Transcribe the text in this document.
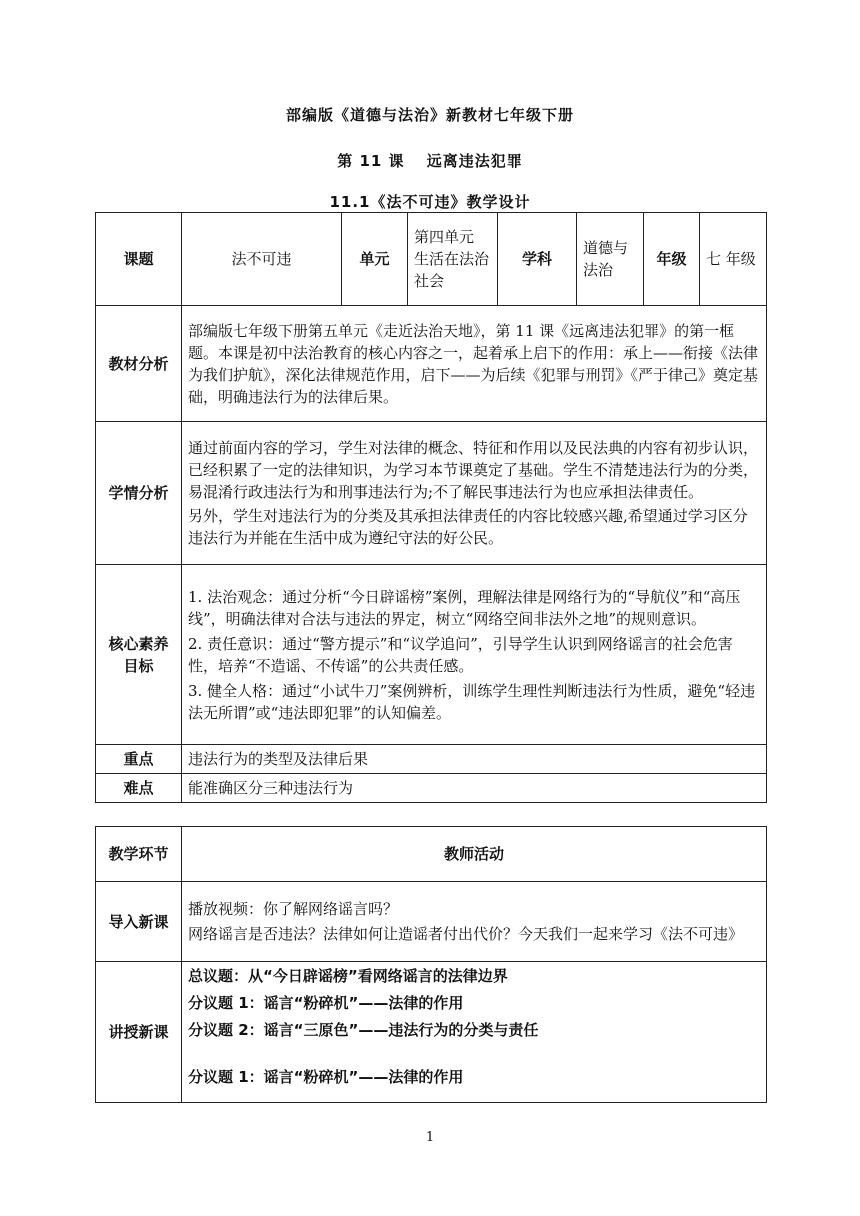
部编版《道德与法治》新教材七年级下册
第 11 课　 远离违法犯罪
11.1《法不可违》教学设计
课题	法不可违	单元	第四单元 生活在法治社会	学科	道德与法治	年级	七 年级
教材分析	部编版七年级下册第五单元《走近法治天地》，第 11 课《远离违法犯罪》的第一框题。本课是初中法治教育的核心内容之一，起着承上启下的作用：承上——衔接《法律为我们护航》，深化法律规范作用，启下——为后续《犯罪与刑罚》《严于律己》奠定基础，明确违法行为的法律后果。						
学情分析	通过前面内容的学习，学生对法律的概念、特征和作用以及民法典的内容有初步认识，已经积累了一定的法律知识，为学习本节课奠定了基础。学生不清楚违法行为的分类，易混淆行政违法行为和刑事违法行为;不了解民事违法行为也应承担法律责任。

另外，学生对违法行为的分类及其承担法律责任的内容比较感兴趣,希望通过学习区分违法行为并能在生活中成为遵纪守法的好公民。						

核心素养目标	1. 法治观念：通过分析“今日辟谣榜”案例，理解法律是网络行为的“导航仪”和“高压线”，明确法律对合法与违法的界定，树立“网络空间非法外之地”的规则意识。

2. 责任意识：通过“警方提示”和“议学追问”，引导学生认识到网络谣言的社会危害性，培养“不造谣、不传谣”的公共责任感。

3. 健全人格：通过“小试牛刀”案例辨析，训练学生理性判断违法行为性质，避免“轻违法无所谓”或“违法即犯罪”的认知偏差。						

重点	违法行为的类型及法律后果						
难点	能准确区分三种违法行为						
教学环节	教师活动
导入新课	播放视频：你了解网络谣言吗？

网络谣言是否违法？法律如何让造谣者付出代价？今天我们一起来学习《法不可违》

讲授新课	总议题：从“今日辟谣榜”看网络谣言的法律边界

分议题 1：谣言“粉碎机”——法律的作用

分议题 2：谣言“三原色”——违法行为的分类与责任

分议题 1：谣言“粉碎机”——法律的作用

1
